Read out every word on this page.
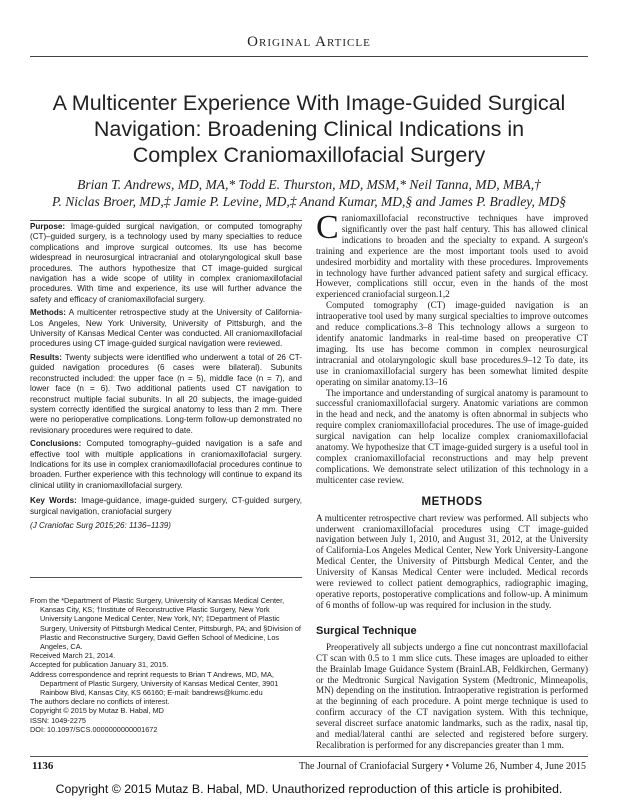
Original Article
A Multicenter Experience With Image-Guided Surgical
Navigation: Broadening Clinical Indications in
Complex Craniomaxillofacial Surgery
Brian T. Andrews, MD, MA,* Todd E. Thurston, MD, MSM,* Neil Tanna, MD, MBA,†
P. Niclas Broer, MD,‡ Jamie P. Levine, MD,‡ Anand Kumar, MD,§ and James P. Bradley, MD§

Purpose: Image-guided surgical navigation, or computed tomography (CT)–guided surgery, is a technology used by many specialties to reduce complications and improve surgical outcomes. Its use has become widespread in neurosurgical intracranial and otolaryngological skull base procedures. The authors hypothesize that CT image-guided surgical navigation has a wide scope of utility in complex craniomaxillofacial procedures. With time and experience, its use will further advance the safety and efficacy of craniomaxillofacial surgery.

Methods: A multicenter retrospective study at the University of California-Los Angeles, New York University, University of Pittsburgh, and the University of Kansas Medical Center was conducted. All craniomaxillofacial procedures using CT image-guided surgical navigation were reviewed.

Results: Twenty subjects were identified who underwent a total of 26 CT-guided navigation procedures (6 cases were bilateral). Subunits reconstructed included: the upper face (n = 5), middle face (n = 7), and lower face (n = 6). Two additional patients used CT navigation to reconstruct multiple facial subunits. In all 20 subjects, the image-guided system correctly identified the surgical anatomy to less than 2 mm. There were no perioperative complications. Long-term follow-up demonstrated no revisionary procedures were required to date.

Conclusions: Computed tomography–guided navigation is a safe and effective tool with multiple applications in craniomaxillofacial surgery. Indications for its use in complex craniomaxillofacial procedures continue to broaden. Further experience with this technology will continue to expand its clinical utility in craniomaxillofacial surgery.

Key Words: Image-guidance, image-guided surgery, CT-guided surgery, surgical navigation, craniofacial surgery

(J Craniofac Surg 2015;26: 1136–1139)

From the *Department of Plastic Surgery, University of Kansas Medical Center, Kansas City, KS; †Institute of Reconstructive Plastic Surgery, New York University Langone Medical Center, New York, NY; ‡Department of Plastic Surgery, University of Pittsburgh Medical Center, Pittsburgh, PA; and §Division of Plastic and Reconstructive Surgery, David Geffen School of Medicine, Los Angeles, CA.

Received March 21, 2014.

Accepted for publication January 31, 2015.

Address correspondence and reprint requests to Brian T Andrews, MD, MA, Department of Plastic Surgery, University of Kansas Medical Center, 3901 Rainbow Blvd, Kansas City, KS 66160; E-mail: bandrews@kumc.edu

The authors declare no conflicts of interest.

Copyright © 2015 by Mutaz B. Habal, MD

ISSN: 1049-2275

DOI: 10.1097/SCS.0000000000001672

Craniomaxillofacial reconstructive techniques have improved significantly over the past half century. This has allowed clinical indications to broaden and the specialty to expand. A surgeon's training and experience are the most important tools used to avoid undesired morbidity and mortality with these procedures. Improvements in technology have further advanced patient safety and surgical efficacy. However, complications still occur, even in the hands of the most experienced craniofacial surgeon.1,2

Computed tomography (CT) image-guided navigation is an intraoperative tool used by many surgical specialties to improve outcomes and reduce complications.3–8 This technology allows a surgeon to identify anatomic landmarks in real-time based on preoperative CT imaging. Its use has become common in complex neurosurgical intracranial and otolaryngologic skull base procedures.9–12 To date, its use in craniomaxillofacial surgery has been somewhat limited despite operating on similar anatomy.13–16

The importance and understanding of surgical anatomy is paramount to successful craniomaxillofacial surgery. Anatomic variations are common in the head and neck, and the anatomy is often abnormal in subjects who require complex craniomaxillofacial procedures. The use of image-guided surgical navigation can help localize complex craniomaxillofacial anatomy. We hypothesize that CT image-guided surgery is a useful tool in complex craniomaxillofacial reconstructions and may help prevent complications. We demonstrate select utilization of this technology in a multicenter case review.

METHODS

A multicenter retrospective chart review was performed. All subjects who underwent craniomaxillofacial procedures using CT image-guided navigation between July 1, 2010, and August 31, 2012, at the University of California-Los Angeles Medical Center, New York University-Langone Medical Center, the University of Pittsburgh Medical Center, and the University of Kansas Medical Center were included. Medical records were reviewed to collect patient demographics, radiographic imaging, operative reports, postoperative complications and follow-up. A minimum of 6 months of follow-up was required for inclusion in the study.

Surgical Technique

Preoperatively all subjects undergo a fine cut noncontrast maxillofacial CT scan with 0.5 to 1 mm slice cuts. These images are uploaded to either the Brainlab Image Guidance System (BrainLAB, Feldkirchen, Germany) or the Medtronic Surgical Navigation System (Medtronic, Minneapolis, MN) depending on the institution. Intraoperative registration is performed at the beginning of each procedure. A point merge technique is used to confirm accuracy of the CT navigation system. With this technique, several discreet surface anatomic landmarks, such as the radix, nasal tip, and medial/lateral canthi are selected and registered before surgery. Recalibration is performed for any discrepancies greater than 1 mm.

1136	The Journal of Craniofacial Surgery • Volume 26, Number 4, June 2015
Copyright © 2015 Mutaz B. Habal, MD. Unauthorized reproduction of this article is prohibited.
